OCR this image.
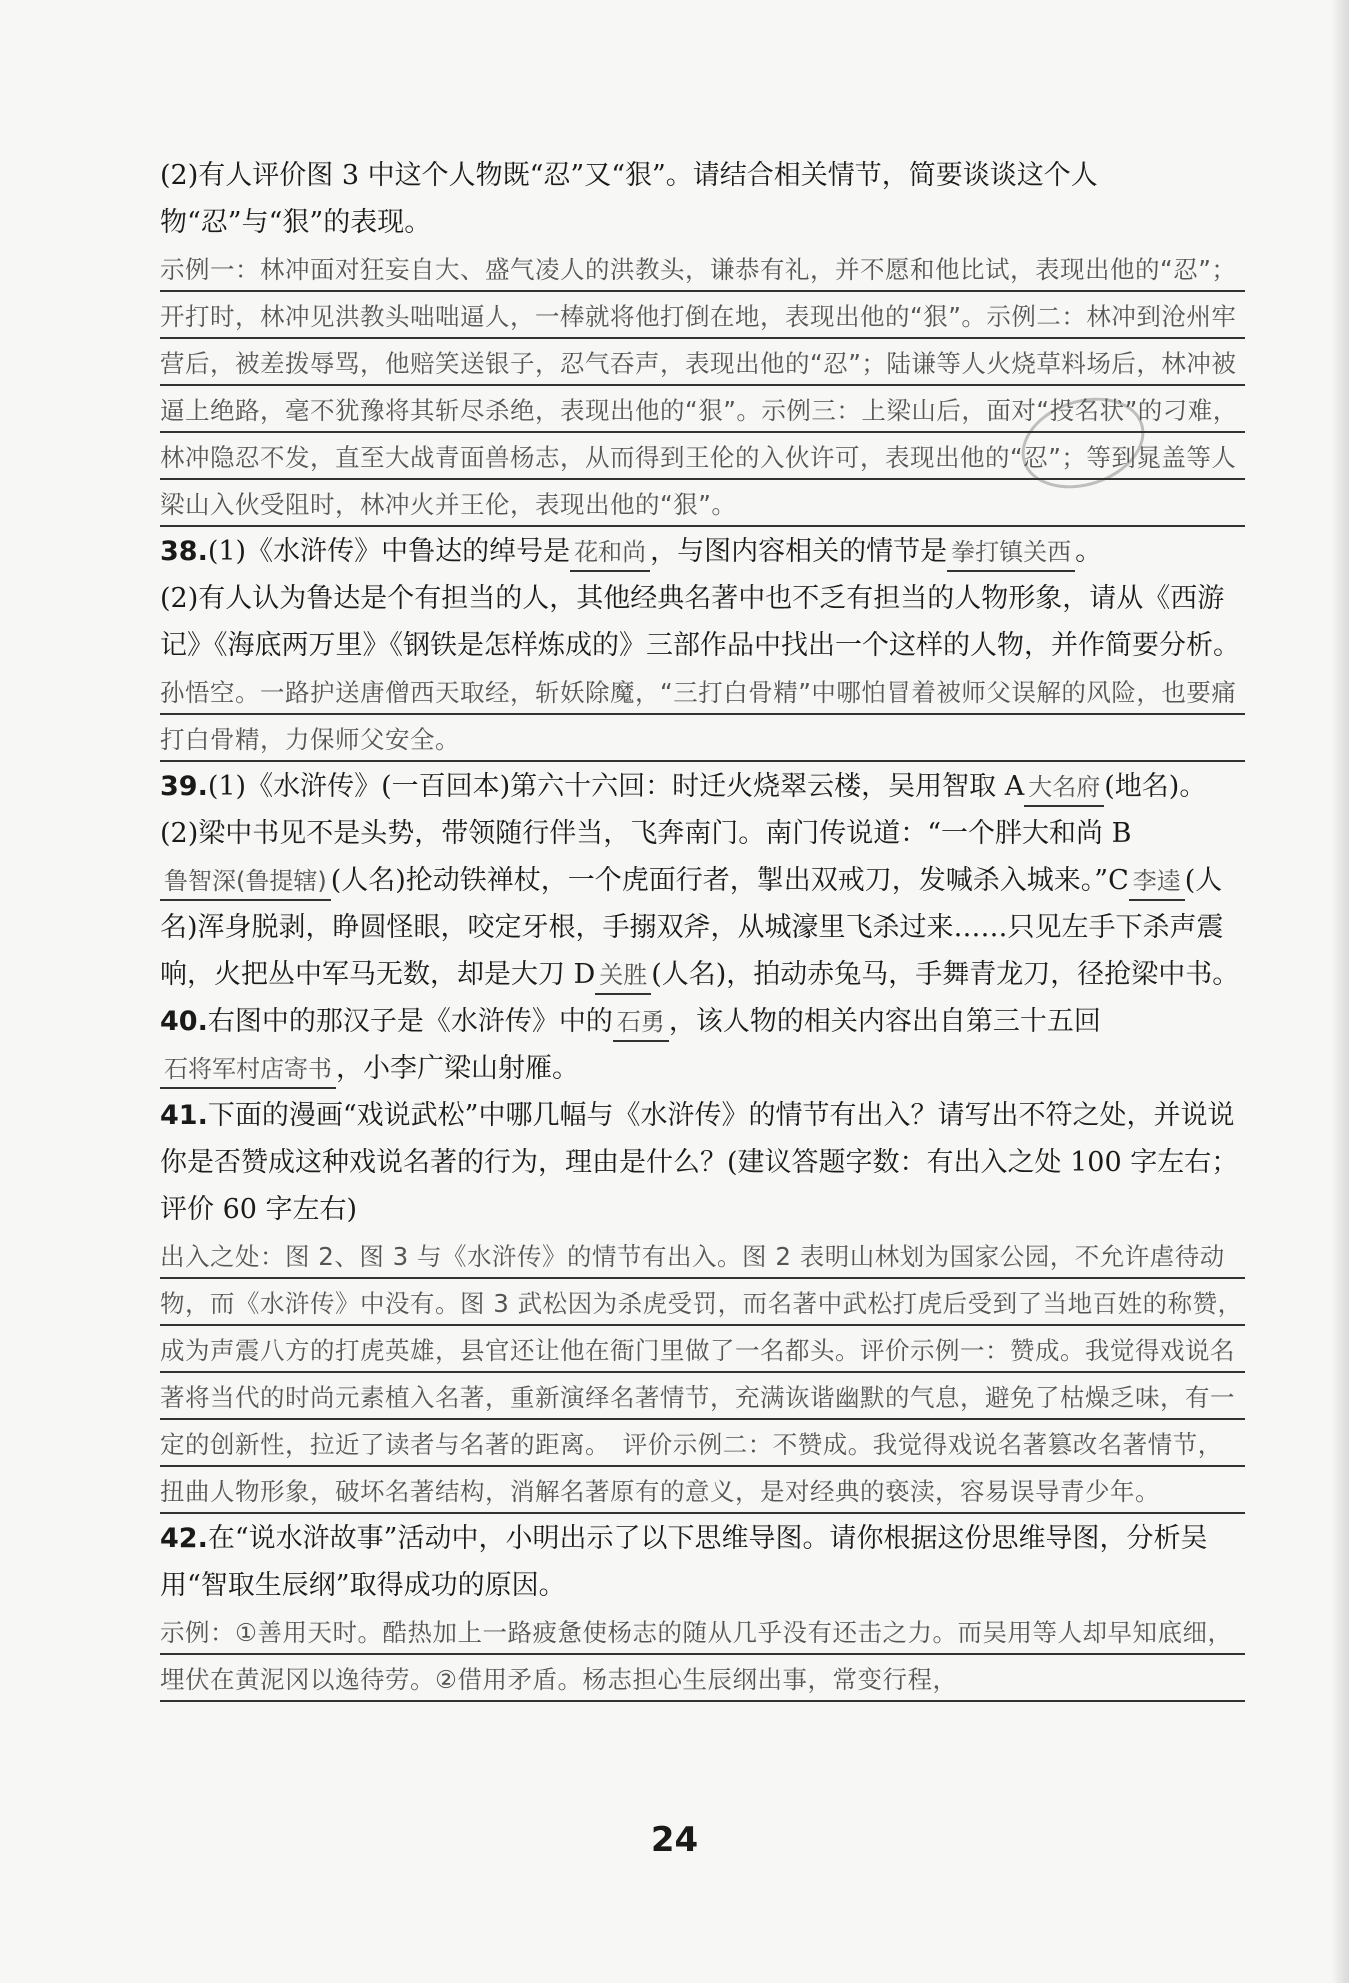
(2)有人评价图 3 中这个人物既“忍”又“狠”。请结合相关情节，简要谈谈这个人物“忍”与“狠”的表现。

示例一：林冲面对狂妄自大、盛气凌人的洪教头，谦恭有礼，并不愿和他比试，表现出他的“忍”；开打时，林冲见洪教头咄咄逼人，一棒就将他打倒在地，表现出他的“狠”。示例二：林冲到沧州牢营后，被差拨辱骂，他赔笑送银子，忍气吞声，表现出他的“忍”；陆谦等人火烧草料场后，林冲被逼上绝路，毫不犹豫将其斩尽杀绝，表现出他的“狠”。示例三：上梁山后，面对“投名状”的刁难，林冲隐忍不发，直至大战青面兽杨志，从而得到王伦的入伙许可，表现出他的“忍”；等到晁盖等人梁山入伙受阻时，林冲火并王伦，表现出他的“狠”。

38.(1)《水浒传》中鲁达的绰号是 花和尚 ，与图内容相关的情节是 拳打镇关西 。

(2)有人认为鲁达是个有担当的人，其他经典名著中也不乏有担当的人物形象，请从《西游记》《海底两万里》《钢铁是怎样炼成的》三部作品中找出一个这样的人物，并作简要分析。

孙悟空。一路护送唐僧西天取经，斩妖除魔，“三打白骨精”中哪怕冒着被师父误解的风险，也要痛打白骨精，力保师父安全。

39.(1)《水浒传》(一百回本)第六十六回：时迁火烧翠云楼，吴用智取 A 大名府 (地名)。

(2)梁中书见不是头势，带领随行伴当，飞奔南门。南门传说道：“一个胖大和尚 B鲁智深(鲁提辖) (人名)抡动铁禅杖，一个虎面行者，掣出双戒刀，发喊杀入城来。”C 李逵 (人名)浑身脱剥，睁圆怪眼，咬定牙根，手搦双斧，从城濠里飞杀过来……只见左手下杀声震响，火把丛中军马无数，却是大刀 D 关胜 (人名)，拍动赤兔马，手舞青龙刀，径抢梁中书。

40.右图中的那汉子是《水浒传》中的 石勇 ，该人物的相关内容出自第三十五回石将军村店寄书 ，小李广梁山射雁。

41.下面的漫画“戏说武松”中哪几幅与《水浒传》的情节有出入？请写出不符之处，并说说你是否赞成这种戏说名著的行为，理由是什么？(建议答题字数：有出入之处 100 字左右；评价 60 字左右)

出入之处：图 2、图 3 与《水浒传》的情节有出入。图 2 表明山林划为国家公园，不允许虐待动物，而《水浒传》中没有。图 3 武松因为杀虎受罚，而名著中武松打虎后受到了当地百姓的称赞，成为声震八方的打虎英雄，县官还让他在衙门里做了一名都头。评价示例一：赞成。我觉得戏说名著将当代的时尚元素植入名著，重新演绎名著情节，充满诙谐幽默的气息，避免了枯燥乏味，有一定的创新性，拉近了读者与名著的距离。　评价示例二：不赞成。我觉得戏说名著篡改名著情节，扭曲人物形象，破坏名著结构，消解名著原有的意义，是对经典的亵渎，容易误导青少年。

42.在“说水浒故事”活动中，小明出示了以下思维导图。请你根据这份思维导图，分析吴用“智取生辰纲”取得成功的原因。

示例：①善用天时。酷热加上一路疲惫使杨志的随从几乎没有还击之力。而吴用等人却早知底细，埋伏在黄泥冈以逸待劳。②借用矛盾。杨志担心生辰纲出事，常变行程，

24
